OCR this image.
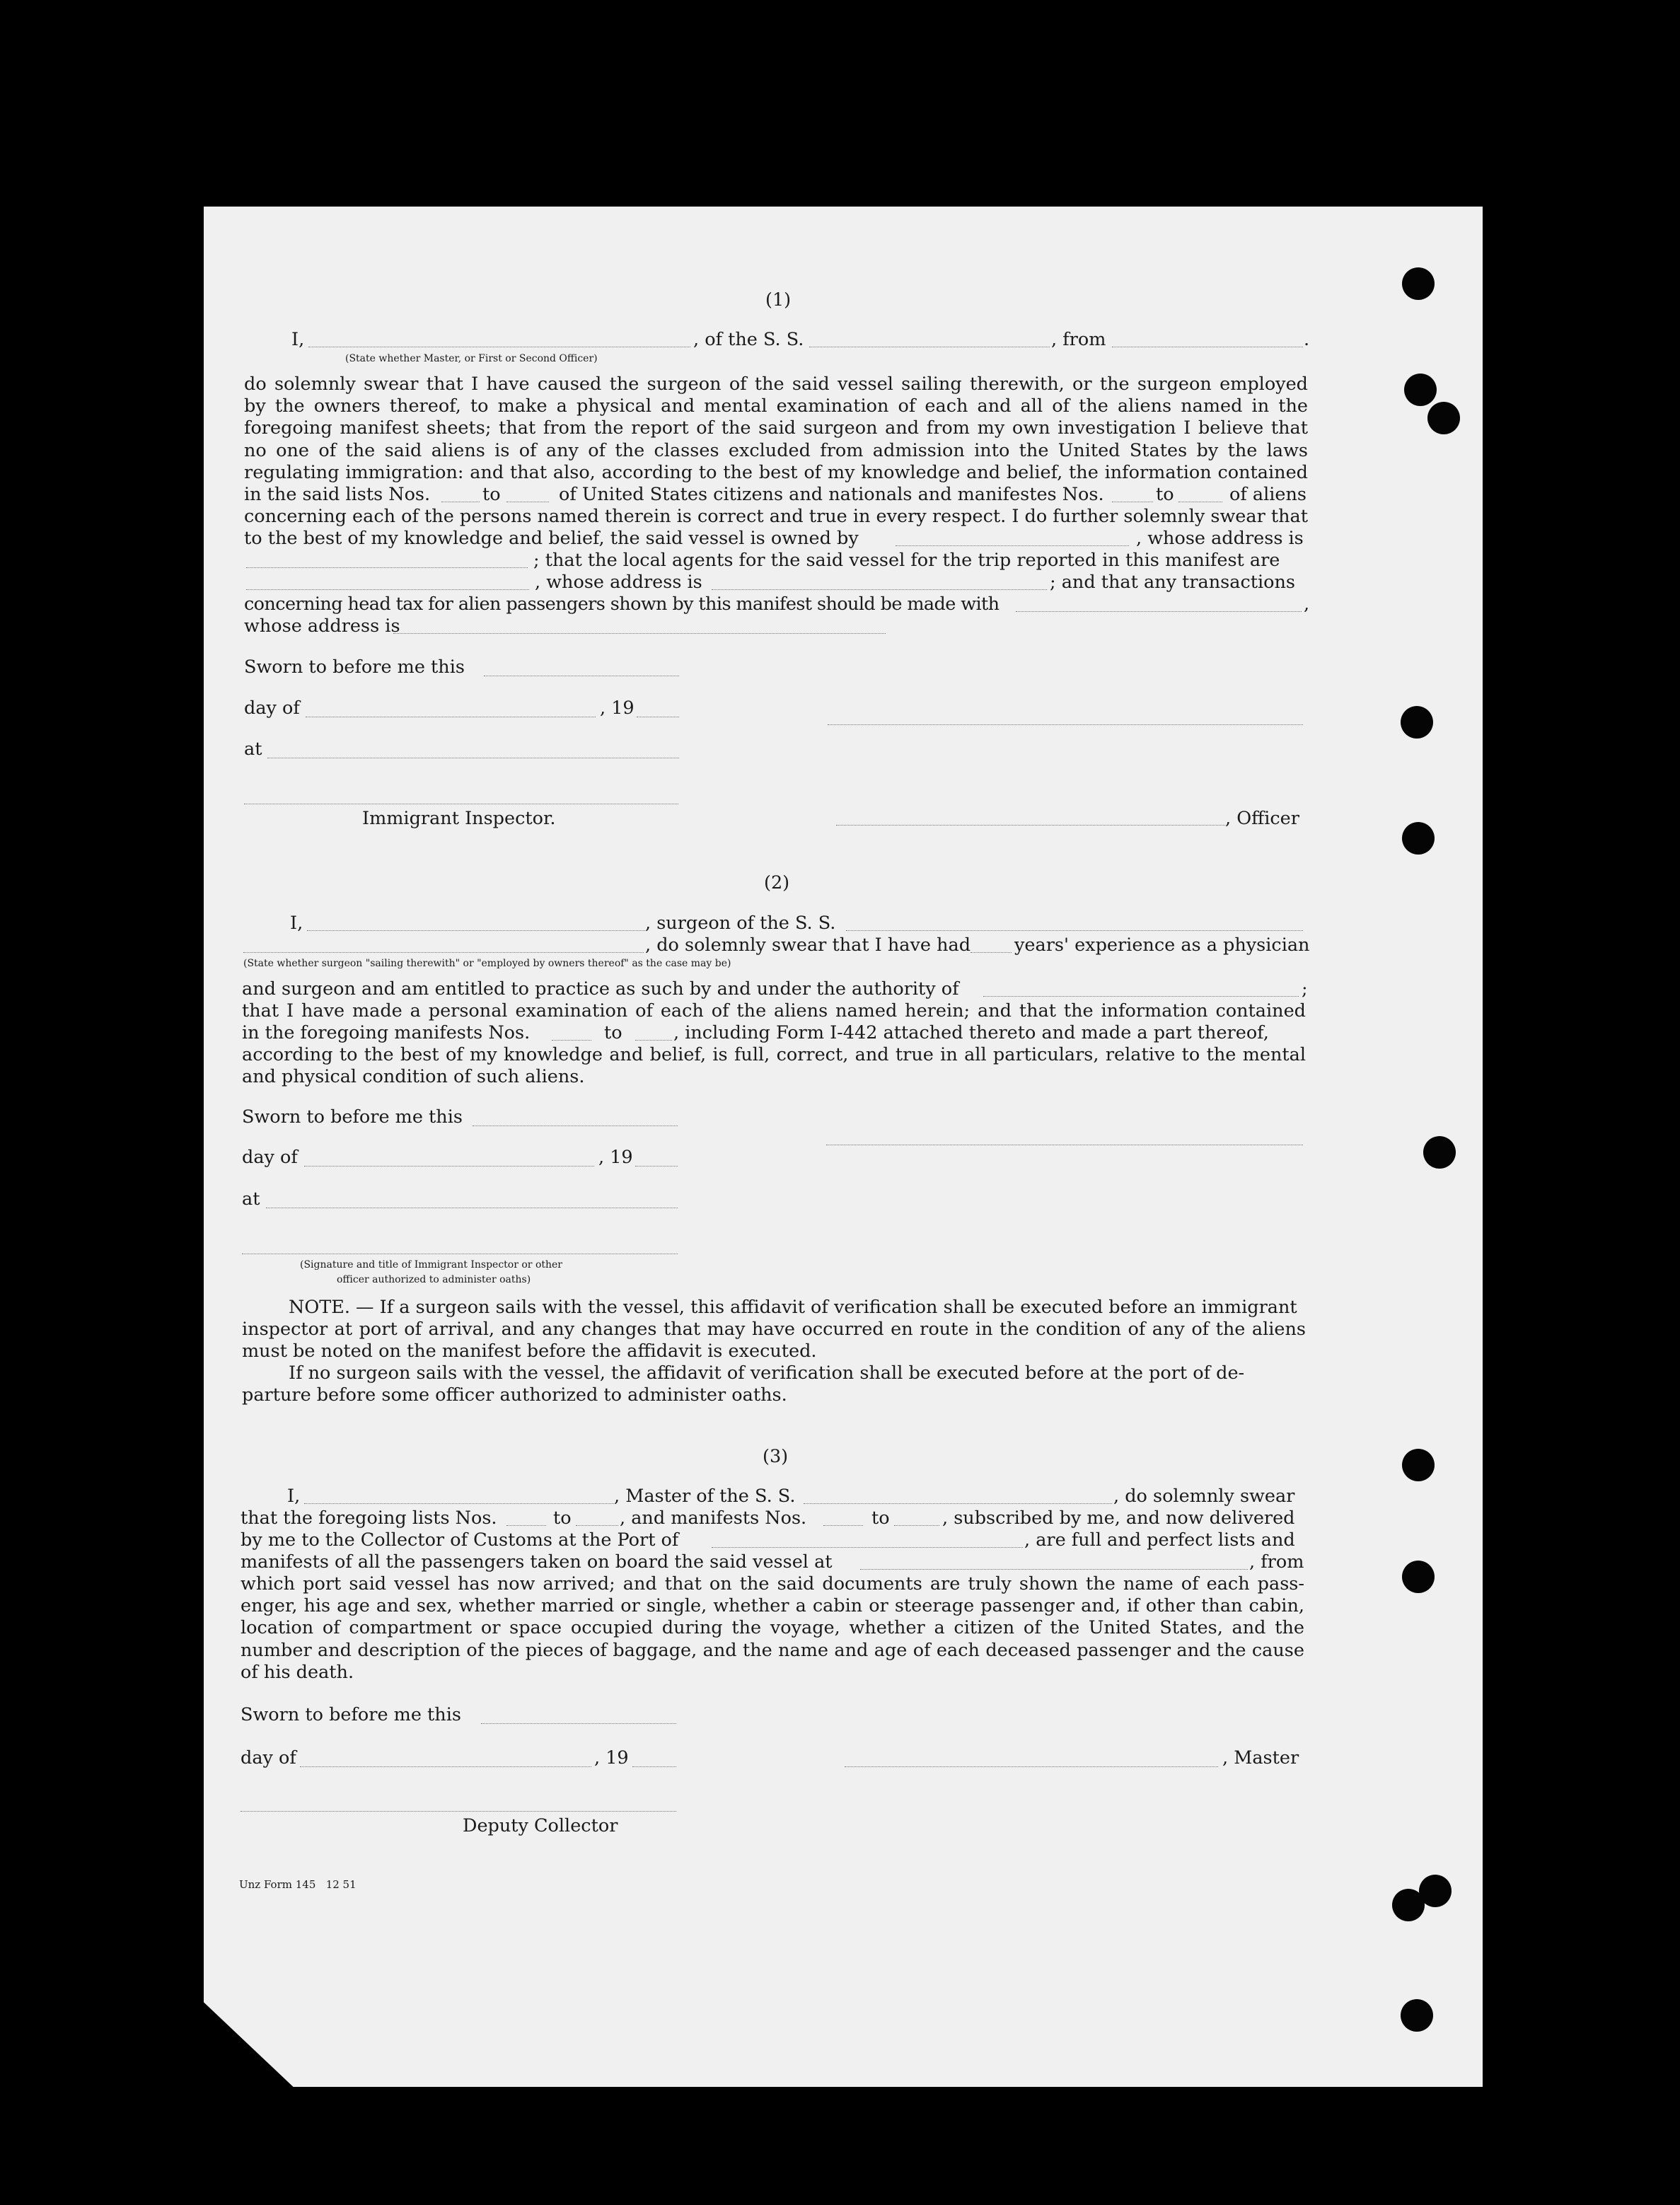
(1)
I,	, of the S. S.	, from	.
(State whether Master, or First or Second Officer)
do solemnly swear that I have caused the surgeon of the said vessel sailing therewith, or the surgeon employed
by the owners thereof, to make a physical and mental examination of each and all of the aliens named in the
foregoing manifest sheets; that from the report of the said surgeon and from my own investigation I believe that
no one of the said aliens is of any of the classes excluded from admission into the United States by the laws
regulating immigration: and that also, according to the best of my knowledge and belief, the information contained
in the said lists Nos.	to	of United States citizens and nationals and manifestes Nos.	to	of aliens
concerning each of the persons named therein is correct and true in every respect. I do further solemnly swear that
to the best of my knowledge and belief, the said vessel is owned by	, whose address is
; that the local agents for the said vessel for the trip reported in this manifest are
, whose address is	; and that any transactions
concerning head tax for alien passengers shown by this manifest should be made with	,
whose address is
Sworn to before me this
day of	, 19
at
Immigrant Inspector.	, Officer
(2)
I,	, surgeon of the S. S.
, do solemnly swear that I have had years' experience as a physician
(State whether surgeon "sailing therewith" or "employed by owners thereof" as the case may be)
and surgeon and am entitled to practice as such by and under the authority of	;
that I have made a personal examination of each of the aliens named herein; and that the information contained
in the foregoing manifests Nos.	to	, including Form I-442 attached thereto and made a part thereof,
according to the best of my knowledge and belief, is full, correct, and true in all particulars, relative to the mental
and physical condition of such aliens.
Sworn to before me this
day of	, 19
at
(Signature and title of Immigrant Inspector or other
officer authorized to administer oaths)
NOTE. — If a surgeon sails with the vessel, this affidavit of verification shall be executed before an immigrant
inspector at port of arrival, and any changes that may have occurred en route in the condition of any of the aliens
must be noted on the manifest before the affidavit is executed.
If no surgeon sails with the vessel, the affidavit of verification shall be executed before at the port of de-
parture before some officer authorized to administer oaths.
(3)
I,	, Master of the S. S.	, do solemnly swear
that the foregoing lists Nos.	to	, and manifests Nos.	to	, subscribed by me, and now delivered
by me to the Collector of Customs at the Port of	, are full and perfect lists and
manifests of all the passengers taken on board the said vessel at	, from
which port said vessel has now arrived; and that on the said documents are truly shown the name of each pass-
enger, his age and sex, whether married or single, whether a cabin or steerage passenger and, if other than cabin,
location of compartment or space occupied during the voyage, whether a citizen of the United States, and the
number and description of the pieces of baggage, and the name and age of each deceased passenger and the cause
of his death.
Sworn to before me this
day of	, 19	, Master
Deputy Collector
Unz Form 145   12 51
